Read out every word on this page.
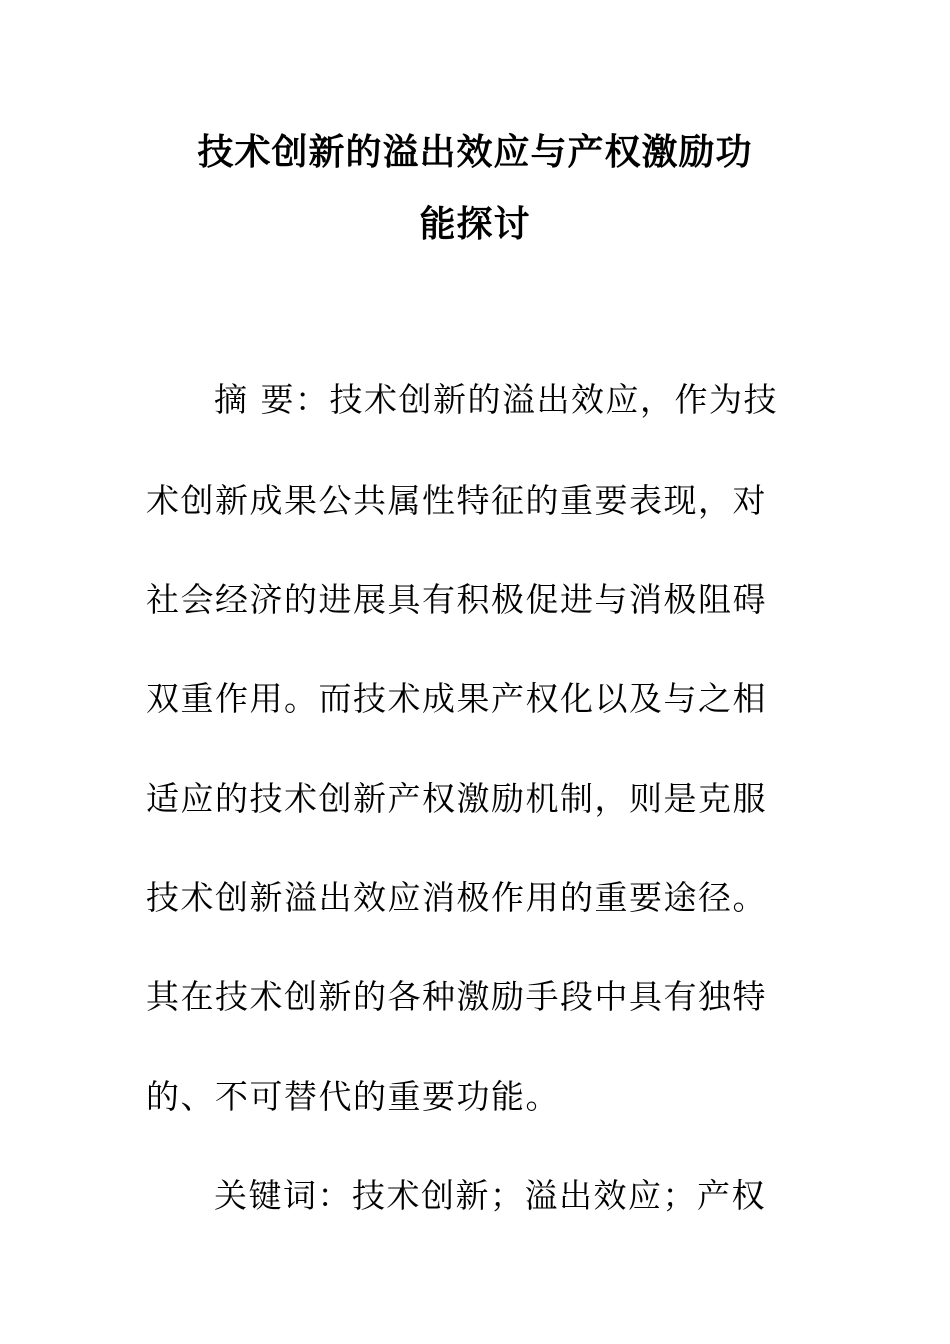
技术创新的溢出效应与产权激励功
能探讨

摘 要：技术创新的溢出效应，作为技

术创新成果公共属性特征的重要表现，对

社会经济的进展具有积极促进与消极阻碍

双重作用。而技术成果产权化以及与之相

适应的技术创新产权激励机制，则是克服

技术创新溢出效应消极作用的重要途径。

其在技术创新的各种激励手段中具有独特

的、不可替代的重要功能。

关键词：技术创新；溢出效应；产权
